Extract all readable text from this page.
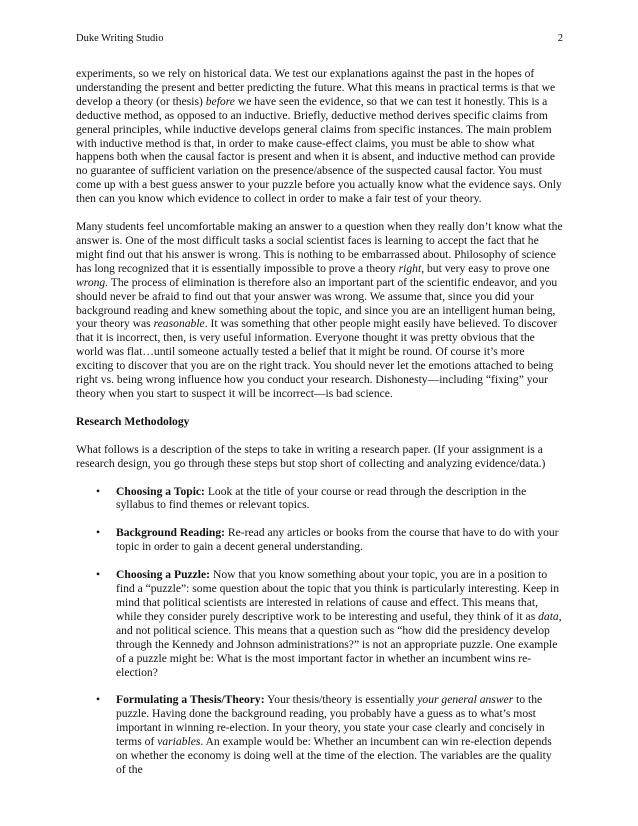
Duke Writing Studio	2

experiments, so we rely on historical data. We test our explanations against the past in the hopes of understanding the present and better predicting the future. What this means in practical terms is that we develop a theory (or thesis) before we have seen the evidence, so that we can test it honestly. This is a deductive method, as opposed to an inductive. Briefly, deductive method derives specific claims from general principles, while inductive develops general claims from specific instances. The main problem with inductive method is that, in order to make cause-effect claims, you must be able to show what happens both when the causal factor is present and when it is absent, and inductive method can provide no guarantee of sufficient variation on the presence/absence of the suspected causal factor. You must come up with a best guess answer to your puzzle before you actually know what the evidence says. Only then can you know which evidence to collect in order to make a fair test of your theory.

Many students feel uncomfortable making an answer to a question when they really don’t know what the answer is. One of the most difficult tasks a social scientist faces is learning to accept the fact that he might find out that his answer is wrong. This is nothing to be embarrassed about. Philosophy of science has long recognized that it is essentially impossible to prove a theory right, but very easy to prove one wrong. The process of elimination is therefore also an important part of the scientific endeavor, and you should never be afraid to find out that your answer was wrong. We assume that, since you did your background reading and knew something about the topic, and since you are an intelligent human being, your theory was reasonable. It was something that other people might easily have believed. To discover that it is incorrect, then, is very useful information. Everyone thought it was pretty obvious that the world was flat…until someone actually tested a belief that it might be round. Of course it’s more exciting to discover that you are on the right track. You should never let the emotions attached to being right vs. being wrong influence how you conduct your research. Dishonesty—including “fixing” your theory when you start to suspect it will be incorrect—is bad science.

Research Methodology

What follows is a description of the steps to take in writing a research paper. (If your assignment is a research design, you go through these steps but stop short of collecting and analyzing evidence/data.)

• Choosing a Topic: Look at the title of your course or read through the description in the syllabus to find themes or relevant topics.
• Background Reading: Re-read any articles or books from the course that have to do with your topic in order to gain a decent general understanding.
• Choosing a Puzzle: Now that you know something about your topic, you are in a position to find a “puzzle”: some question about the topic that you think is particularly interesting. Keep in mind that political scientists are interested in relations of cause and effect. This means that, while they consider purely descriptive work to be interesting and useful, they think of it as data, and not political science. This means that a question such as “how did the presidency develop through the Kennedy and Johnson administrations?” is not an appropriate puzzle. One example of a puzzle might be: What is the most important factor in whether an incumbent wins re-election?
• Formulating a Thesis/Theory: Your thesis/theory is essentially your general answer to the puzzle. Having done the background reading, you probably have a guess as to what’s most important in winning re-election. In your theory, you state your case clearly and concisely in terms of variables. An example would be: Whether an incumbent can win re-election depends on whether the economy is doing well at the time of the election. The variables are the quality of the
